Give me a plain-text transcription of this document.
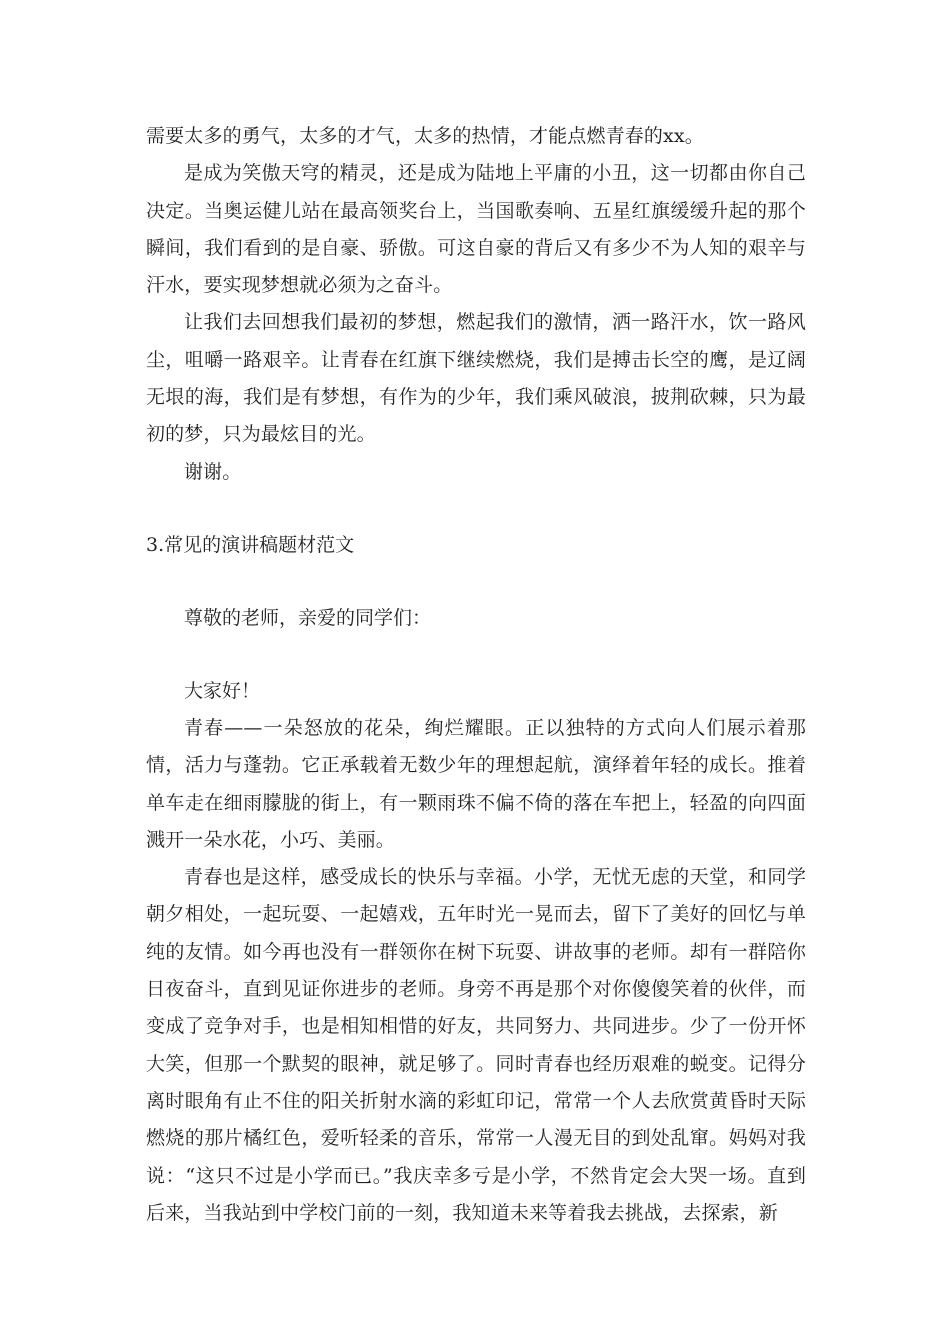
需要太多的勇气，太多的才气，太多的热情，才能点燃青春的xx。

是成为笑傲天穹的精灵，还是成为陆地上平庸的小丑，这一切都由你自己决定。当奥运健儿站在最高领奖台上，当国歌奏响、五星红旗缓缓升起的那个瞬间，我们看到的是自豪、骄傲。可这自豪的背后又有多少不为人知的艰辛与汗水，要实现梦想就必须为之奋斗。

让我们去回想我们最初的梦想，燃起我们的激情，洒一路汗水，饮一路风尘，咀嚼一路艰辛。让青春在红旗下继续燃烧，我们是搏击长空的鹰，是辽阔无垠的海，我们是有梦想，有作为的少年，我们乘风破浪，披荆砍棘，只为最初的梦，只为最炫目的光。

谢谢。

3.常见的演讲稿题材范文

尊敬的老师，亲爱的同学们：

大家好！

青春——一朵怒放的花朵，绚烂耀眼。正以独特的方式向人们展示着那情，活力与蓬勃。它正承载着无数少年的理想起航，演绎着年轻的成长。推着单车走在细雨朦胧的街上，有一颗雨珠不偏不倚的落在车把上，轻盈的向四面溅开一朵水花，小巧、美丽。

青春也是这样，感受成长的快乐与幸福。小学，无忧无虑的天堂，和同学朝夕相处，一起玩耍、一起嬉戏，五年时光一晃而去，留下了美好的回忆与单纯的友情。如今再也没有一群领你在树下玩耍、讲故事的老师。却有一群陪你日夜奋斗，直到见证你进步的老师。身旁不再是那个对你傻傻笑着的伙伴，而变成了竞争对手，也是相知相惜的好友，共同努力、共同进步。少了一份开怀大笑，但那一个默契的眼神，就足够了。同时青春也经历艰难的蜕变。记得分离时眼角有止不住的阳关折射水滴的彩虹印记，常常一个人去欣赏黄昏时天际燃烧的那片橘红色，爱听轻柔的音乐，常常一人漫无目的到处乱窜。妈妈对我说：“这只不过是小学而已。”我庆幸多亏是小学，不然肯定会大哭一场。直到后来，当我站到中学校门前的一刻，我知道未来等着我去挑战，去探索，新
